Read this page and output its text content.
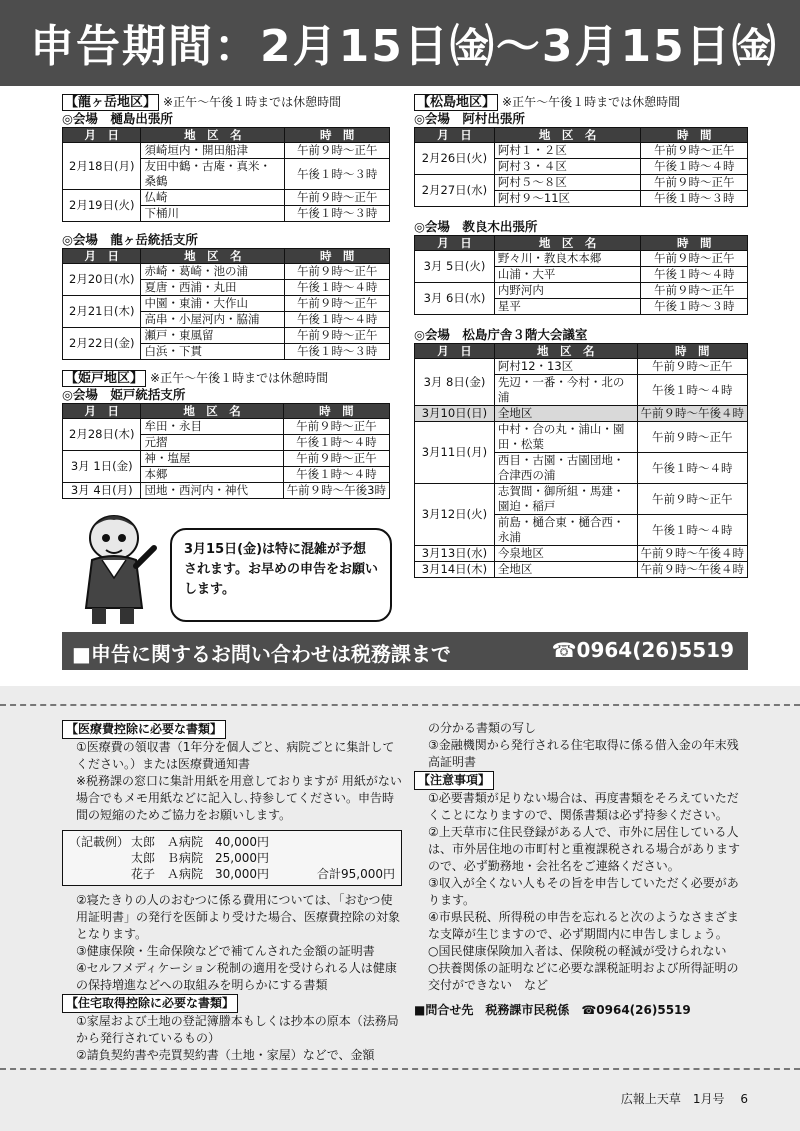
申告期間：2月15日㈮～3月15日㈮
【龍ヶ岳地区】 ※正午～午後１時までは休憩時間
◎会場　樋島出張所
月　日	地　区　名	時　間
2月18日(月)	須崎垣内・開田船津	午前９時～正午
	友田中鶴・古庵・真米・桑鶴	午後１時～３時
2月19日(火)	仏崎	午前９時～正午
	下桶川	午後１時～３時
◎会場　龍ヶ岳統括支所
月　日	地　区　名	時　間
2月20日(水)	赤崎・葛崎・池の浦	午前９時～正午
	夏唐・西浦・丸田	午後１時～４時
2月21日(木)	中園・東浦・大作山	午前９時～正午
	高串・小屋河内・脇浦	午後１時～４時
2月22日(金)	瀬戸・東風留	午前９時～正午
	白浜・下貫	午後１時～３時
【姫戸地区】 ※正午～午後１時までは休憩時間
◎会場　姫戸統括支所
月　日	地　区　名	時　間
2月28日(木)	牟田・永目	午前９時～正午
	元摺	午後１時～４時
3月 1日(金)	神・塩屋	午前９時～正午
	本郷	午後１時～４時
3月 4日(月)	団地・西河内・神代	午前９時～午後3時

3月15日(金)は特に混雑が予想されます。お早めの申告をお願いします。

【松島地区】 ※正午～午後１時までは休憩時間
◎会場　阿村出張所
月　日	地　区　名	時　間
2月26日(火)	阿村１・２区	午前９時～正午
	阿村３・４区	午後１時～４時
2月27日(水)	阿村５～８区	午前９時～正午
	阿村９～11区	午後１時～３時
◎会場　教良木出張所
月　日	地　区　名	時　間
3月 5日(火)	野々川・教良木本郷	午前９時～正午
	山浦・大平	午後１時～４時
3月 6日(水)	内野河内	午前９時～正午
	星平	午後１時～３時
◎会場　松島庁舎３階大会議室
月　日	地　区　名	時　間
3月 8日(金)	阿村12・13区	午前９時～正午
	先辺・一番・今村・北の浦	午後１時～４時
3月10日(日)	全地区	午前９時～午後４時
3月11日(月)	中村・合の丸・浦山・園田・松葉	午前９時～正午
	西目・古園・古園団地・合津西の浦	午後１時～４時
3月12日(火)	志賀間・御所組・馬建・園迫・稲戸	午前９時～正午
	前島・樋合東・樋合西・永浦	午後１時～４時
3月13日(水)	今泉地区	午前９時～午後４時
3月14日(木)	全地区	午前９時～午後４時
■申告に関するお問い合わせは税務課まで	☎0964(26)5519

【医療費控除に必要な書類】

①医療費の領収書（1年分を個人ごと、病院ごとに集計してください。）または医療費通知書

※税務課の窓口に集計用紙を用意しておりますが 用紙がない場合でもメモ用紙などに記入し､持参してください。申告時間の短縮のためご協力をお願いします。

（記載例） 太郎　Ａ病院　40,000円
太郎　Ｂ病院　25,000円
花子　Ａ病院　30,000円	合計95,000円

②寝たきりの人のおむつに係る費用については､「おむつ使用証明書」の発行を医師より受けた場合、医療費控除の対象となります。

③健康保険・生命保険などで補てんされた金額の証明書

④セルフメディケーション税制の適用を受けられる人は健康の保持増進などへの取組みを明らかにする書類

【住宅取得控除に必要な書類】

①家屋および土地の登記簿謄本もしくは抄本の原本（法務局から発行されているもの）

②請負契約書や売買契約書（土地・家屋）などで、金額

の分かる書類の写し

③金融機関から発行される住宅取得に係る借入金の年末残高証明書

【注意事項】

①必要書類が足りない場合は、再度書類をそろえていただくことになりますので、関係書類は必ず持参ください。

②上天草市に住民登録がある人で、市外に居住している人は、市外居住地の市町村と重複課税される場合がありますので、必ず勤務地・会社名をご連絡ください。

③収入が全くない人もその旨を申告していただく必要があります。

④市県民税、所得税の申告を忘れると次のようなさまざまな支障が生じますので、必ず期間内に申告しましょう。

○国民健康保険加入者は、保険税の軽減が受けられない

○扶養関係の証明などに必要な課税証明および所得証明の交付ができない　など

■問合せ先　税務課市民税係　☎0964(26)5519

広報上天草　1月号　 6
